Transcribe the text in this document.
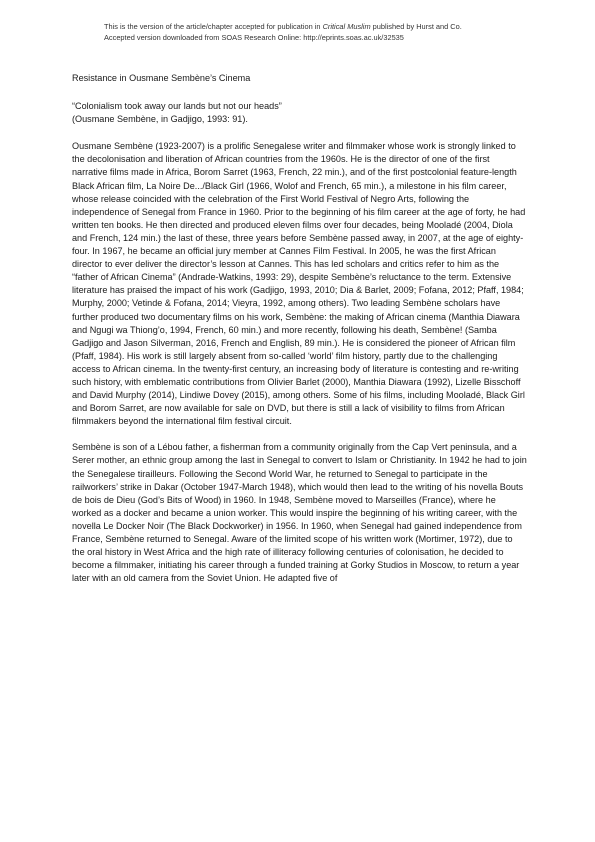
This is the version of the article/chapter accepted for publication in Critical Muslim published by Hurst and Co.
Accepted version downloaded from SOAS Research Online: http://eprints.soas.ac.uk/32535

Resistance in Ousmane Sembène’s Cinema

“Colonialism took away our lands but not our heads”
(Ousmane Sembène, in Gadjigo, 1993: 91).

Ousmane Sembène (1923-2007) is a prolific Senegalese writer and filmmaker whose work is strongly linked to the decolonisation and liberation of African countries from the 1960s. He is the director of one of the first narrative films made in Africa, Borom Sarret (1963, French, 22 min.), and of the first postcolonial feature-length Black African film, La Noire De.../Black Girl (1966, Wolof and French, 65 min.), a milestone in his film career, whose release coincided with the celebration of the First World Festival of Negro Arts, following the independence of Senegal from France in 1960. Prior to the beginning of his film career at the age of forty, he had written ten books. He then directed and produced eleven films over four decades, being Mooladé (2004, Diola and French, 124 min.) the last of these, three years before Sembène passed away, in 2007, at the age of eighty-four. In 1967, he became an official jury member at Cannes Film Festival. In 2005, he was the first African director to ever deliver the director’s lesson at Cannes. This has led scholars and critics refer to him as the “father of African Cinema” (Andrade-Watkins, 1993: 29), despite Sembène’s reluctance to the term. Extensive literature has praised the impact of his work (Gadjigo, 1993, 2010; Dia & Barlet, 2009; Fofana, 2012; Pfaff, 1984; Murphy, 2000; Vetinde & Fofana, 2014; Vieyra, 1992, among others). Two leading Sembène scholars have further produced two documentary films on his work, Sembène: the making of African cinema (Manthia Diawara and Ngugi wa Thiong’o, 1994, French, 60 min.) and more recently, following his death, Sembène! (Samba Gadjigo and Jason Silverman, 2016, French and English, 89 min.). He is considered the pioneer of African film (Pfaff, 1984). His work is still largely absent from so-called ‘world’ film history, partly due to the challenging access to African cinema. In the twenty-first century, an increasing body of literature is contesting and re-writing such history, with emblematic contributions from Olivier Barlet (2000), Manthia Diawara (1992), Lizelle Bisschoff and David Murphy (2014), Lindiwe Dovey (2015), among others. Some of his films, including Mooladé, Black Girl and Borom Sarret, are now available for sale on DVD, but there is still a lack of visibility to films from African filmmakers beyond the international film festival circuit.

Sembène is son of a Lébou father, a fisherman from a community originally from the Cap Vert peninsula, and a Serer mother, an ethnic group among the last in Senegal to convert to Islam or Christianity. In 1942 he had to join the Senegalese tirailleurs. Following the Second World War, he returned to Senegal to participate in the railworkers’ strike in Dakar (October 1947-March 1948), which would then lead to the writing of his novella Bouts de bois de Dieu (God’s Bits of Wood) in 1960. In 1948, Sembène moved to Marseilles (France), where he worked as a docker and became a union worker. This would inspire the beginning of his writing career, with the novella Le Docker Noir (The Black Dockworker) in 1956. In 1960, when Senegal had gained independence from France, Sembène returned to Senegal. Aware of the limited scope of his written work (Mortimer, 1972), due to the oral history in West Africa and the high rate of illiteracy following centuries of colonisation, he decided to become a filmmaker, initiating his career through a funded training at Gorky Studios in Moscow, to return a year later with an old camera from the Soviet Union. He adapted five of
